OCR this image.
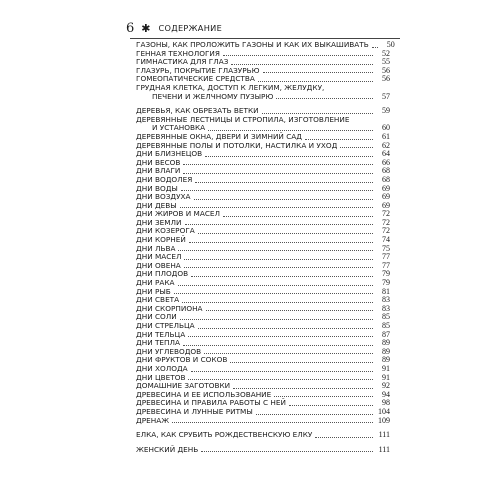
6 ✱ СОДЕРЖАНИЕ
ГАЗОНЫ, КАК ПРОЛОЖИТЬ ГАЗОНЫ И КАК ИХ ВЫКАШИВАТЬ	50
ГЕННАЯ ТЕХНОЛОГИЯ	52
ГИМНАСТИКА ДЛЯ ГЛАЗ	55
ГЛАЗУРЬ, ПОКРЫТИЕ ГЛАЗУРЬЮ	56
ГОМЕОПАТИЧЕСКИЕ СРЕДСТВА	56
ГРУДНАЯ КЛЕТКА, ДОСТУП К ЛЕГКИМ, ЖЕЛУДКУ,
ПЕЧЕНИ И ЖЕЛЧНОМУ ПУЗЫРЮ	57
ДЕРЕВЬЯ, КАК ОБРЕЗАТЬ ВЕТКИ	59
ДЕРЕВЯННЫЕ ЛЕСТНИЦЫ И СТРОПИЛА, ИЗГОТОВЛЕНИЕ
И УСТАНОВКА	60
ДЕРЕВЯННЫЕ ОКНА, ДВЕРИ И ЗИМНИЙ САД	61
ДЕРЕВЯННЫЕ ПОЛЫ И ПОТОЛКИ, НАСТИЛКА И УХОД	62
ДНИ БЛИЗНЕЦОВ	64
ДНИ ВЕСОВ	66
ДНИ ВЛАГИ	68
ДНИ ВОДОЛЕЯ	68
ДНИ ВОДЫ	69
ДНИ ВОЗДУХА	69
ДНИ ДЕВЫ	69
ДНИ ЖИРОВ И МАСЕЛ	72
ДНИ ЗЕМЛИ	72
ДНИ КОЗЕРОГА	72
ДНИ КОРНЕЙ	74
ДНИ ЛЬВА	75
ДНИ МАСЕЛ	77
ДНИ ОВЕНА	77
ДНИ ПЛОДОВ	79
ДНИ РАКА	79
ДНИ РЫБ	81
ДНИ СВЕТА	83
ДНИ СКОРПИОНА	83
ДНИ СОЛИ	85
ДНИ СТРЕЛЬЦА	85
ДНИ ТЕЛЬЦА	87
ДНИ ТЕПЛА	89
ДНИ УГЛЕВОДОВ	89
ДНИ ФРУКТОВ И СОКОВ	89
ДНИ ХОЛОДА	91
ДНИ ЦВЕТОВ	91
ДОМАШНИЕ ЗАГОТОВКИ	92
ДРЕВЕСИНА И ЕЕ ИСПОЛЬЗОВАНИЕ	94
ДРЕВЕСИНА И ПРАВИЛА РАБОТЫ С НЕЙ	98
ДРЕВЕСИНА И ЛУННЫЕ РИТМЫ	104
ДРЕНАЖ	109
ЕЛКА, КАК СРУБИТЬ РОЖДЕСТВЕНСКУЮ ЕЛКУ	111
ЖЕНСКИЙ ДЕНЬ	111
